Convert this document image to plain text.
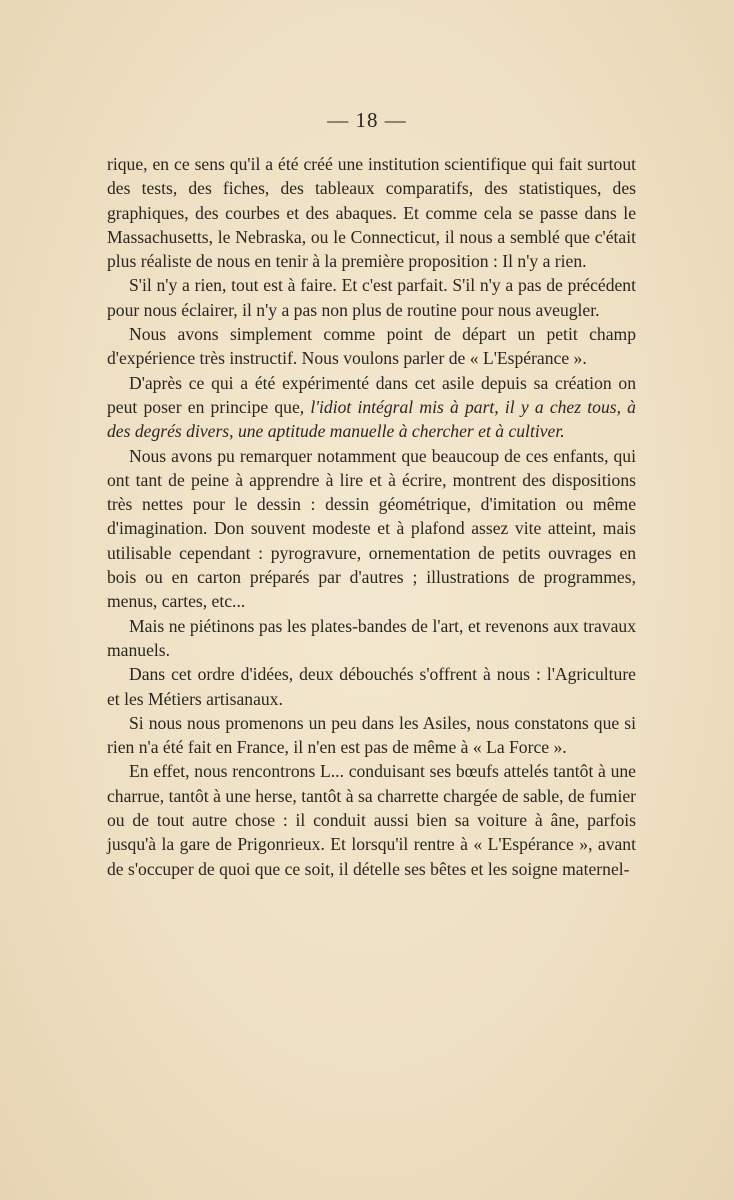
— 18 —

rique, en ce sens qu'il a été créé une institution scientifique qui fait surtout des tests, des fiches, des tableaux comparatifs, des statistiques, des graphiques, des courbes et des abaques. Et comme cela se passe dans le Massachusetts, le Nebraska, ou le Connecticut, il nous a semblé que c'était plus réaliste de nous en tenir à la première proposition : Il n'y a rien.

S'il n'y a rien, tout est à faire. Et c'est parfait. S'il n'y a pas de précédent pour nous éclairer, il n'y a pas non plus de routine pour nous aveugler.

Nous avons simplement comme point de départ un petit champ d'expérience très instructif. Nous voulons parler de « L'Espérance ».

D'après ce qui a été expérimenté dans cet asile depuis sa création on peut poser en principe que, l'idiot intégral mis à part, il y a chez tous, à des degrés divers, une aptitude manuelle à chercher et à cultiver.

Nous avons pu remarquer notamment que beaucoup de ces enfants, qui ont tant de peine à apprendre à lire et à écrire, montrent des dispositions très nettes pour le dessin : dessin géométrique, d'imitation ou même d'imagination. Don souvent modeste et à plafond assez vite atteint, mais utilisable cependant : pyrogravure, ornementation de petits ouvrages en bois ou en carton préparés par d'autres ; illustrations de programmes, menus, cartes, etc...

Mais ne piétinons pas les plates-bandes de l'art, et revenons aux travaux manuels.

Dans cet ordre d'idées, deux débouchés s'offrent à nous : l'Agriculture et les Métiers artisanaux.

Si nous nous promenons un peu dans les Asiles, nous constatons que si rien n'a été fait en France, il n'en est pas de même à « La Force ».

En effet, nous rencontrons L... conduisant ses bœufs attelés tantôt à une charrue, tantôt à une herse, tantôt à sa charrette chargée de sable, de fumier ou de tout autre chose : il conduit aussi bien sa voiture à âne, parfois jusqu'à la gare de Prigonrieux. Et lorsqu'il rentre à « L'Espérance », avant de s'occuper de quoi que ce soit, il dételle ses bêtes et les soigne maternel-
